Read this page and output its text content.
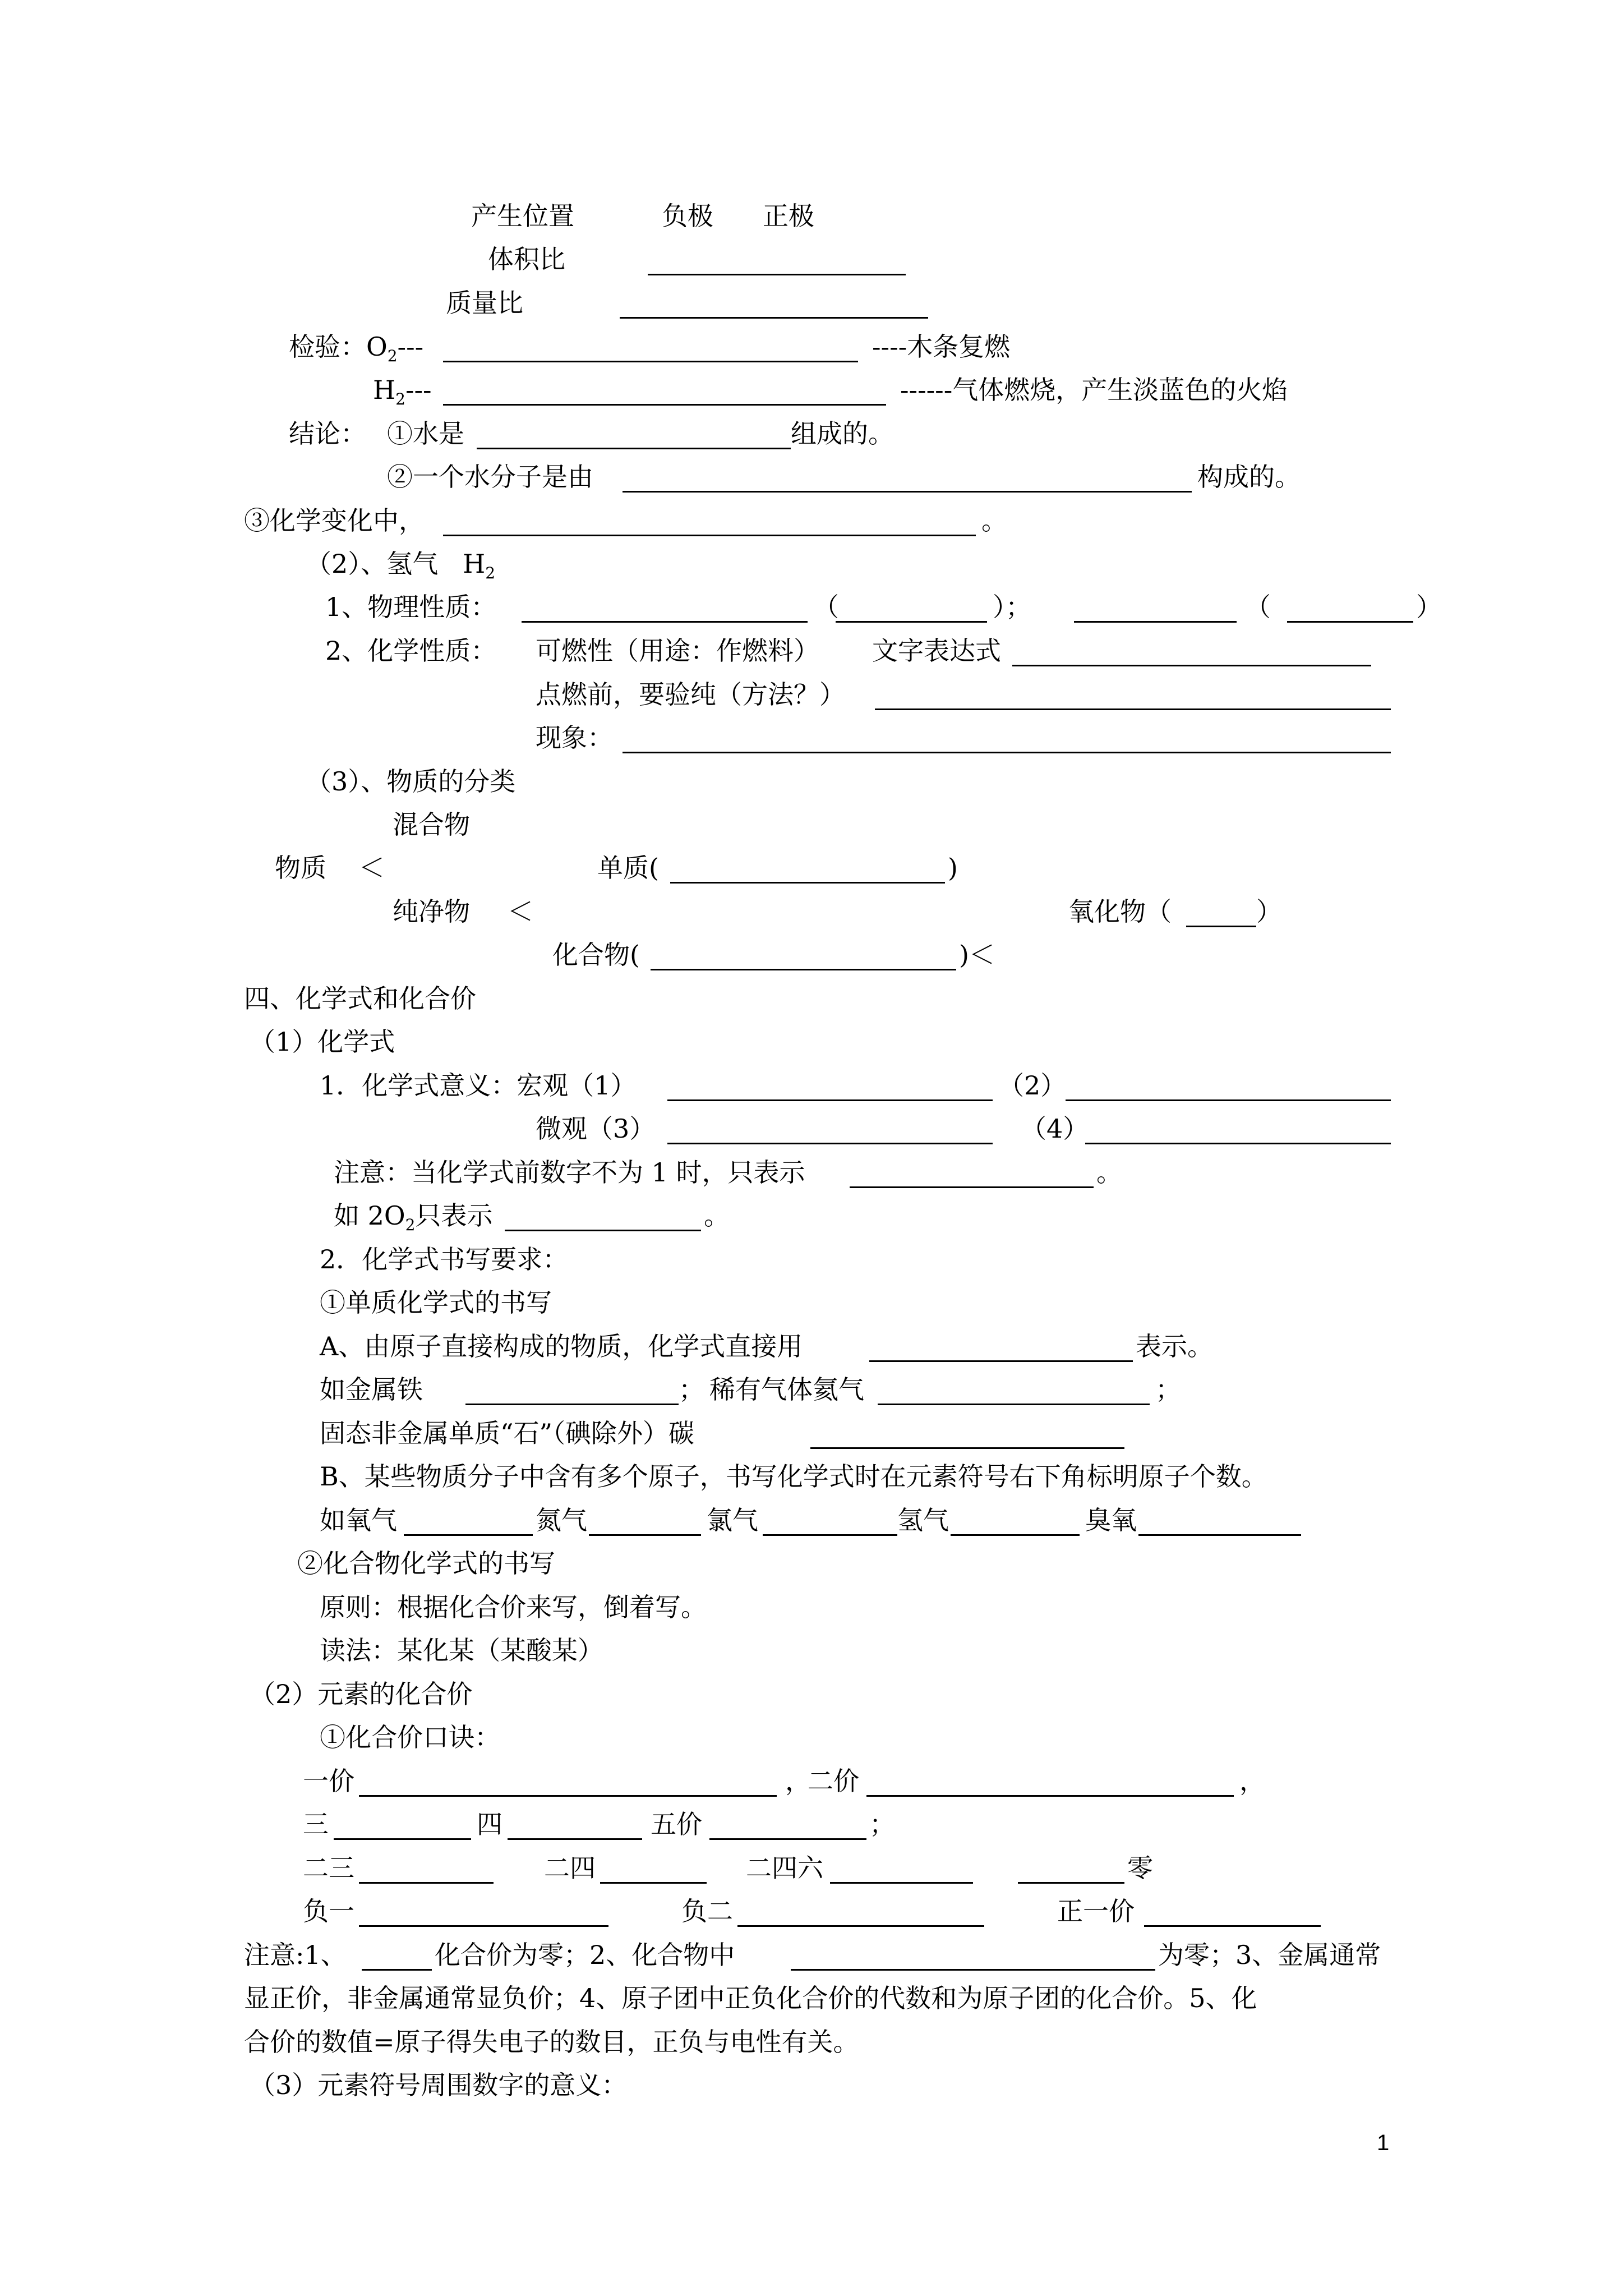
产生位置	负极 正极
体积比
质量比
检验：$O_2---$	----木条复燃
$H_2---$	------气体燃烧，产生淡蓝色的火焰
结论： ①水是	组成的。
②一个水分子是由	构成的。
③化学变化中，	。
（2）、氢气 $H_2$
1、物理性质：	（	）；	（	）
2、化学性质： 可燃性（用途：作燃料） 文字表达式
点燃前，要验纯（方法？）
现象：
（3）、物质的分类
混合物
物质 ＜	单质(	)
纯净物 ＜	氧化物（	）
化合物(	)＜
四、化学式和化合价
（1）化学式
1．化学式意义：宏观（1）	（2）
微观（3）	（4）
注意：当化学式前数字不为 1 时，只表示	。
如 $2O_2$只表示	。
2．化学式书写要求：
①单质化学式的书写
A、由原子直接构成的物质，化学式直接用	表示。
如金属铁	； 稀有气体氦气	；
固态非金属单质“石”（碘除外）碳
B、某些物质分子中含有多个原子，书写化学式时在元素符号右下角标明原子个数。
如氧气	氮气	氯气	氢气	臭氧
②化合物化学式的书写
原则：根据化合价来写，倒着写。
读法：某化某（某酸某）
（2）元素的化合价
①化合价口诀：
一价	，
二价	，
三	四	五价	；
二三	二四	二四六	零
负一	负二	正一价
注意:1、	化合价为零；2、化合物中	为零；3、金属通常
显正价，非金属通常显负价；4、原子团中正负化合价的代数和为原子团的化合价。5、化
合价的数值=原子得失电子的数目，正负与电性有关。
（3）元素符号周围数字的意义：
1
